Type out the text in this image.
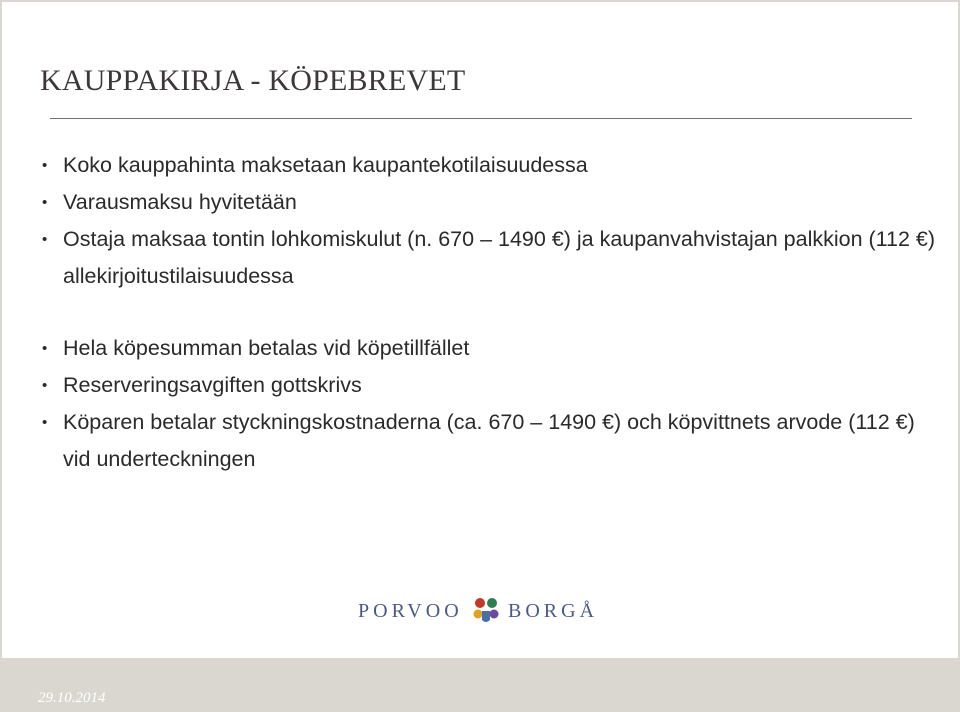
KAUPPAKIRJA - KÖPEBREVET
• Koko kauppahinta maksetaan kaupantekotilaisuudessa
• Varausmaksu hyvitetään
• Ostaja maksaa tontin lohkomiskulut (n. 670 – 1490 €) ja kaupanvahvistajan palkkion (112 €) allekirjoitustilaisuudessa
• Hela köpesumman betalas vid köpetillfället
• Reserveringsavgiften gottskrivs
• Köparen betalar styckningskostnaderna (ca. 670 – 1490 €) och köpvittnets arvode (112 €) vid underteckningen
PORVOO BORGÅ
29.10.2014
